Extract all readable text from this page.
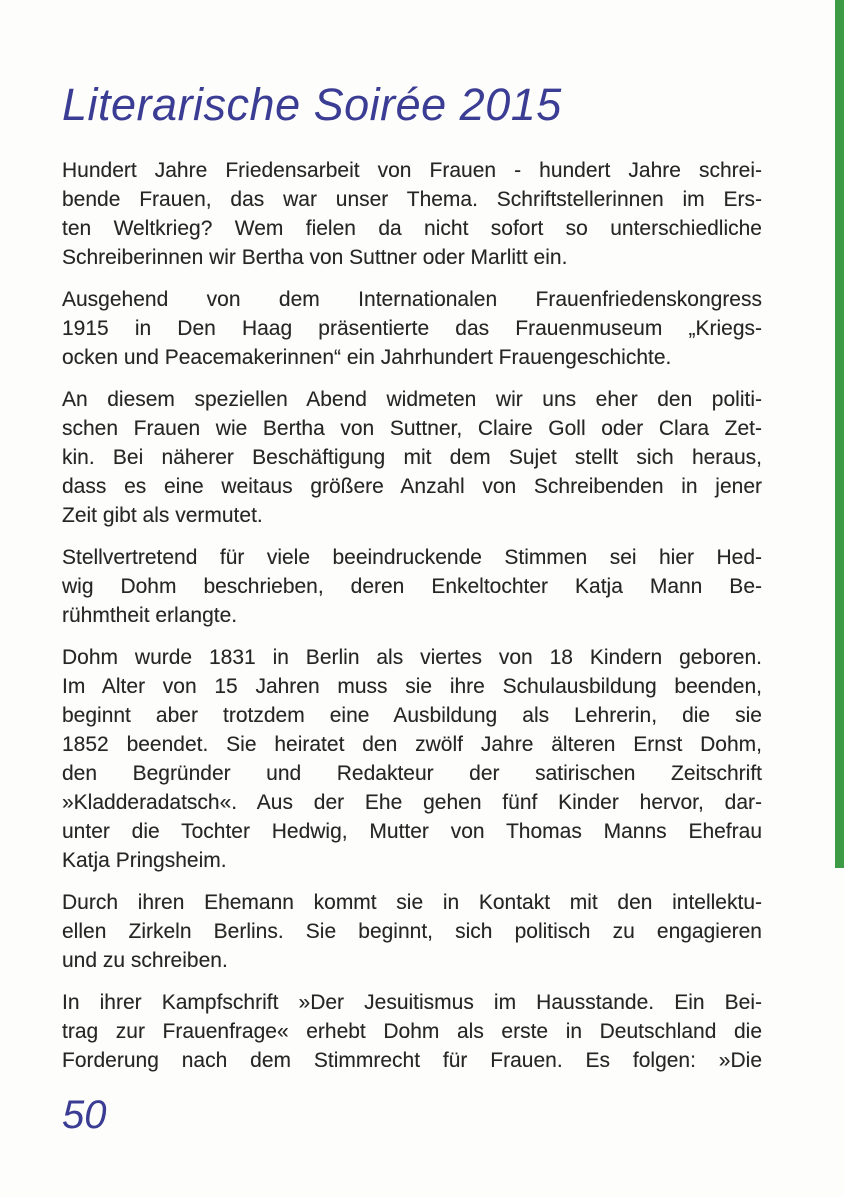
Literarische Soirée 2015
Hundert Jahre Friedensarbeit von Frauen - hundert Jahre schrei-
bende Frauen, das war unser Thema. Schriftstellerinnen im Ers-
ten Weltkrieg? Wem fielen da nicht sofort so unterschiedliche
Schreiberinnen wir Bertha von Suttner oder Marlitt ein.
Ausgehend von dem Internationalen Frauenfriedenskongress
1915 in Den Haag präsentierte das Frauenmuseum „Kriegs-
ocken und Peacemakerinnen“ ein Jahrhundert Frauengeschichte.
An diesem speziellen Abend widmeten wir uns eher den politi-
schen Frauen wie Bertha von Suttner, Claire Goll oder Clara Zet-
kin. Bei näherer Beschäftigung mit dem Sujet stellt sich heraus,
dass es eine weitaus größere Anzahl von Schreibenden in jener
Zeit gibt als vermutet.
Stellvertretend für viele beeindruckende Stimmen sei hier Hed-
wig Dohm beschrieben, deren Enkeltochter Katja Mann Be-
rühmtheit erlangte.
Dohm wurde 1831 in Berlin als viertes von 18 Kindern geboren.
Im Alter von 15 Jahren muss sie ihre Schulausbildung beenden,
beginnt aber trotzdem eine Ausbildung als Lehrerin, die sie
1852 beendet. Sie heiratet den zwölf Jahre älteren Ernst Dohm,
den Begründer und Redakteur der satirischen Zeitschrift
»Kladderadatsch«. Aus der Ehe gehen fünf Kinder hervor, dar-
unter die Tochter Hedwig, Mutter von Thomas Manns Ehefrau
Katja Pringsheim.
Durch ihren Ehemann kommt sie in Kontakt mit den intellektu-
ellen Zirkeln Berlins. Sie beginnt, sich politisch zu engagieren
und zu schreiben.
In ihrer Kampfschrift »Der Jesuitismus im Hausstande. Ein Bei-
trag zur Frauenfrage« erhebt Dohm als erste in Deutschland die
Forderung nach dem Stimmrecht für Frauen. Es folgen: »Die
50
